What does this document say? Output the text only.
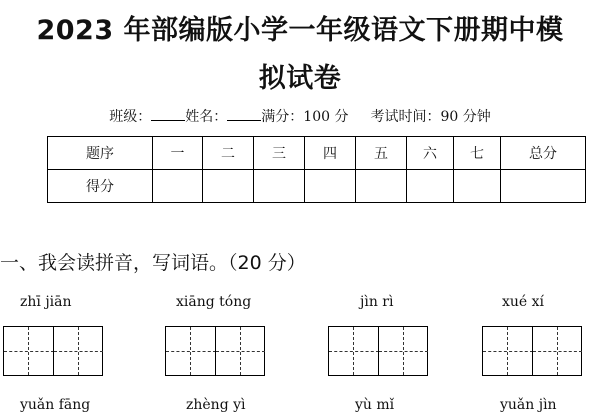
2023 年部编版小学一年级语文下册期中模
拟试卷
班级： 姓名： 满分：100 分 考试时间：90 分钟
题序	一	二	三	四	五	六	七	总分
得分								
一、我会读拼音，写词语。（20 分）
zhī jiān	xiāng tóng	jìn rì	xué xí
yuǎn fāng	zhèng yì	yù mǐ	yuǎn jìn
